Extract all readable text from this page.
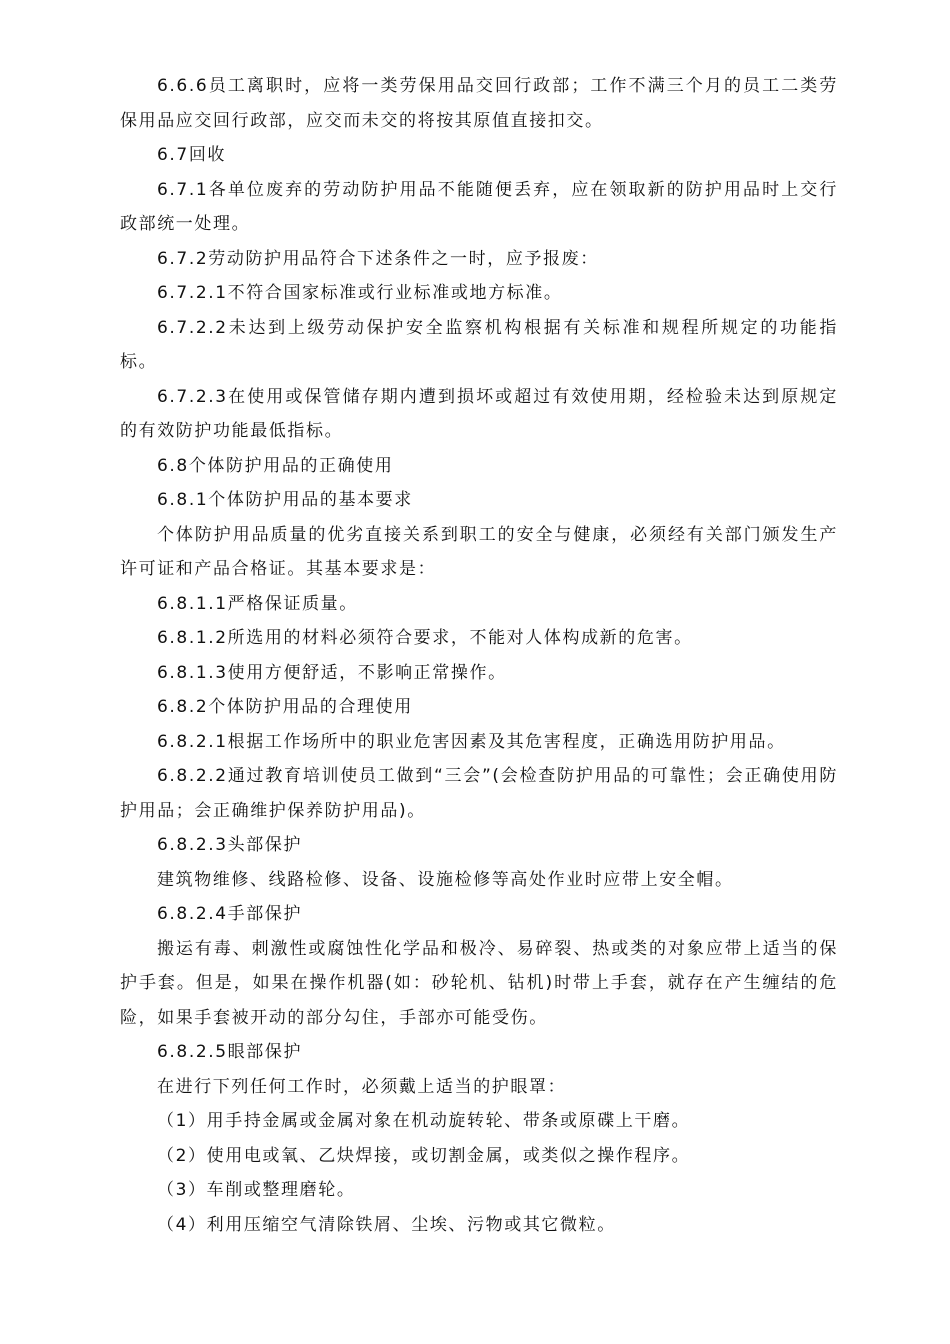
6.6.6员工离职时，应将一类劳保用品交回行政部；工作不满三个月的员工二类劳保用品应交回行政部，应交而未交的将按其原值直接扣交。

6.7回收

6.7.1各单位废弃的劳动防护用品不能随便丢弃，应在领取新的防护用品时上交行政部统一处理。

6.7.2劳动防护用品符合下述条件之一时，应予报废：

6.7.2.1不符合国家标准或行业标准或地方标准。

6.7.2.2未达到上级劳动保护安全监察机构根据有关标准和规程所规定的功能指标。

6.7.2.3在使用或保管储存期内遭到损坏或超过有效使用期，经检验未达到原规定的有效防护功能最低指标。

6.8个体防护用品的正确使用

6.8.1个体防护用品的基本要求

个体防护用品质量的优劣直接关系到职工的安全与健康，必须经有关部门颁发生产许可证和产品合格证。其基本要求是：

6.8.1.1严格保证质量。

6.8.1.2所选用的材料必须符合要求，不能对人体构成新的危害。

6.8.1.3使用方便舒适，不影响正常操作。

6.8.2个体防护用品的合理使用

6.8.2.1根据工作场所中的职业危害因素及其危害程度，正确选用防护用品。

6.8.2.2通过教育培训使员工做到“三会”(会检查防护用品的可靠性；会正确使用防护用品；会正确维护保养防护用品)。

6.8.2.3头部保护

建筑物维修、线路检修、设备、设施检修等高处作业时应带上安全帽。

6.8.2.4手部保护

搬运有毒、刺激性或腐蚀性化学品和极冷、易碎裂、热或类的对象应带上适当的保护手套。但是，如果在操作机器(如：砂轮机、钻机)时带上手套，就存在产生缠结的危险，如果手套被开动的部分勾住，手部亦可能受伤。

6.8.2.5眼部保护

在进行下列任何工作时，必须戴上适当的护眼罩：

（1）用手持金属或金属对象在机动旋转轮、带条或原碟上干磨。

（2）使用电或氧、乙炔焊接，或切割金属，或类似之操作程序。

（3）车削或整理磨轮。

（4）利用压缩空气清除铁屑、尘埃、污物或其它微粒。
